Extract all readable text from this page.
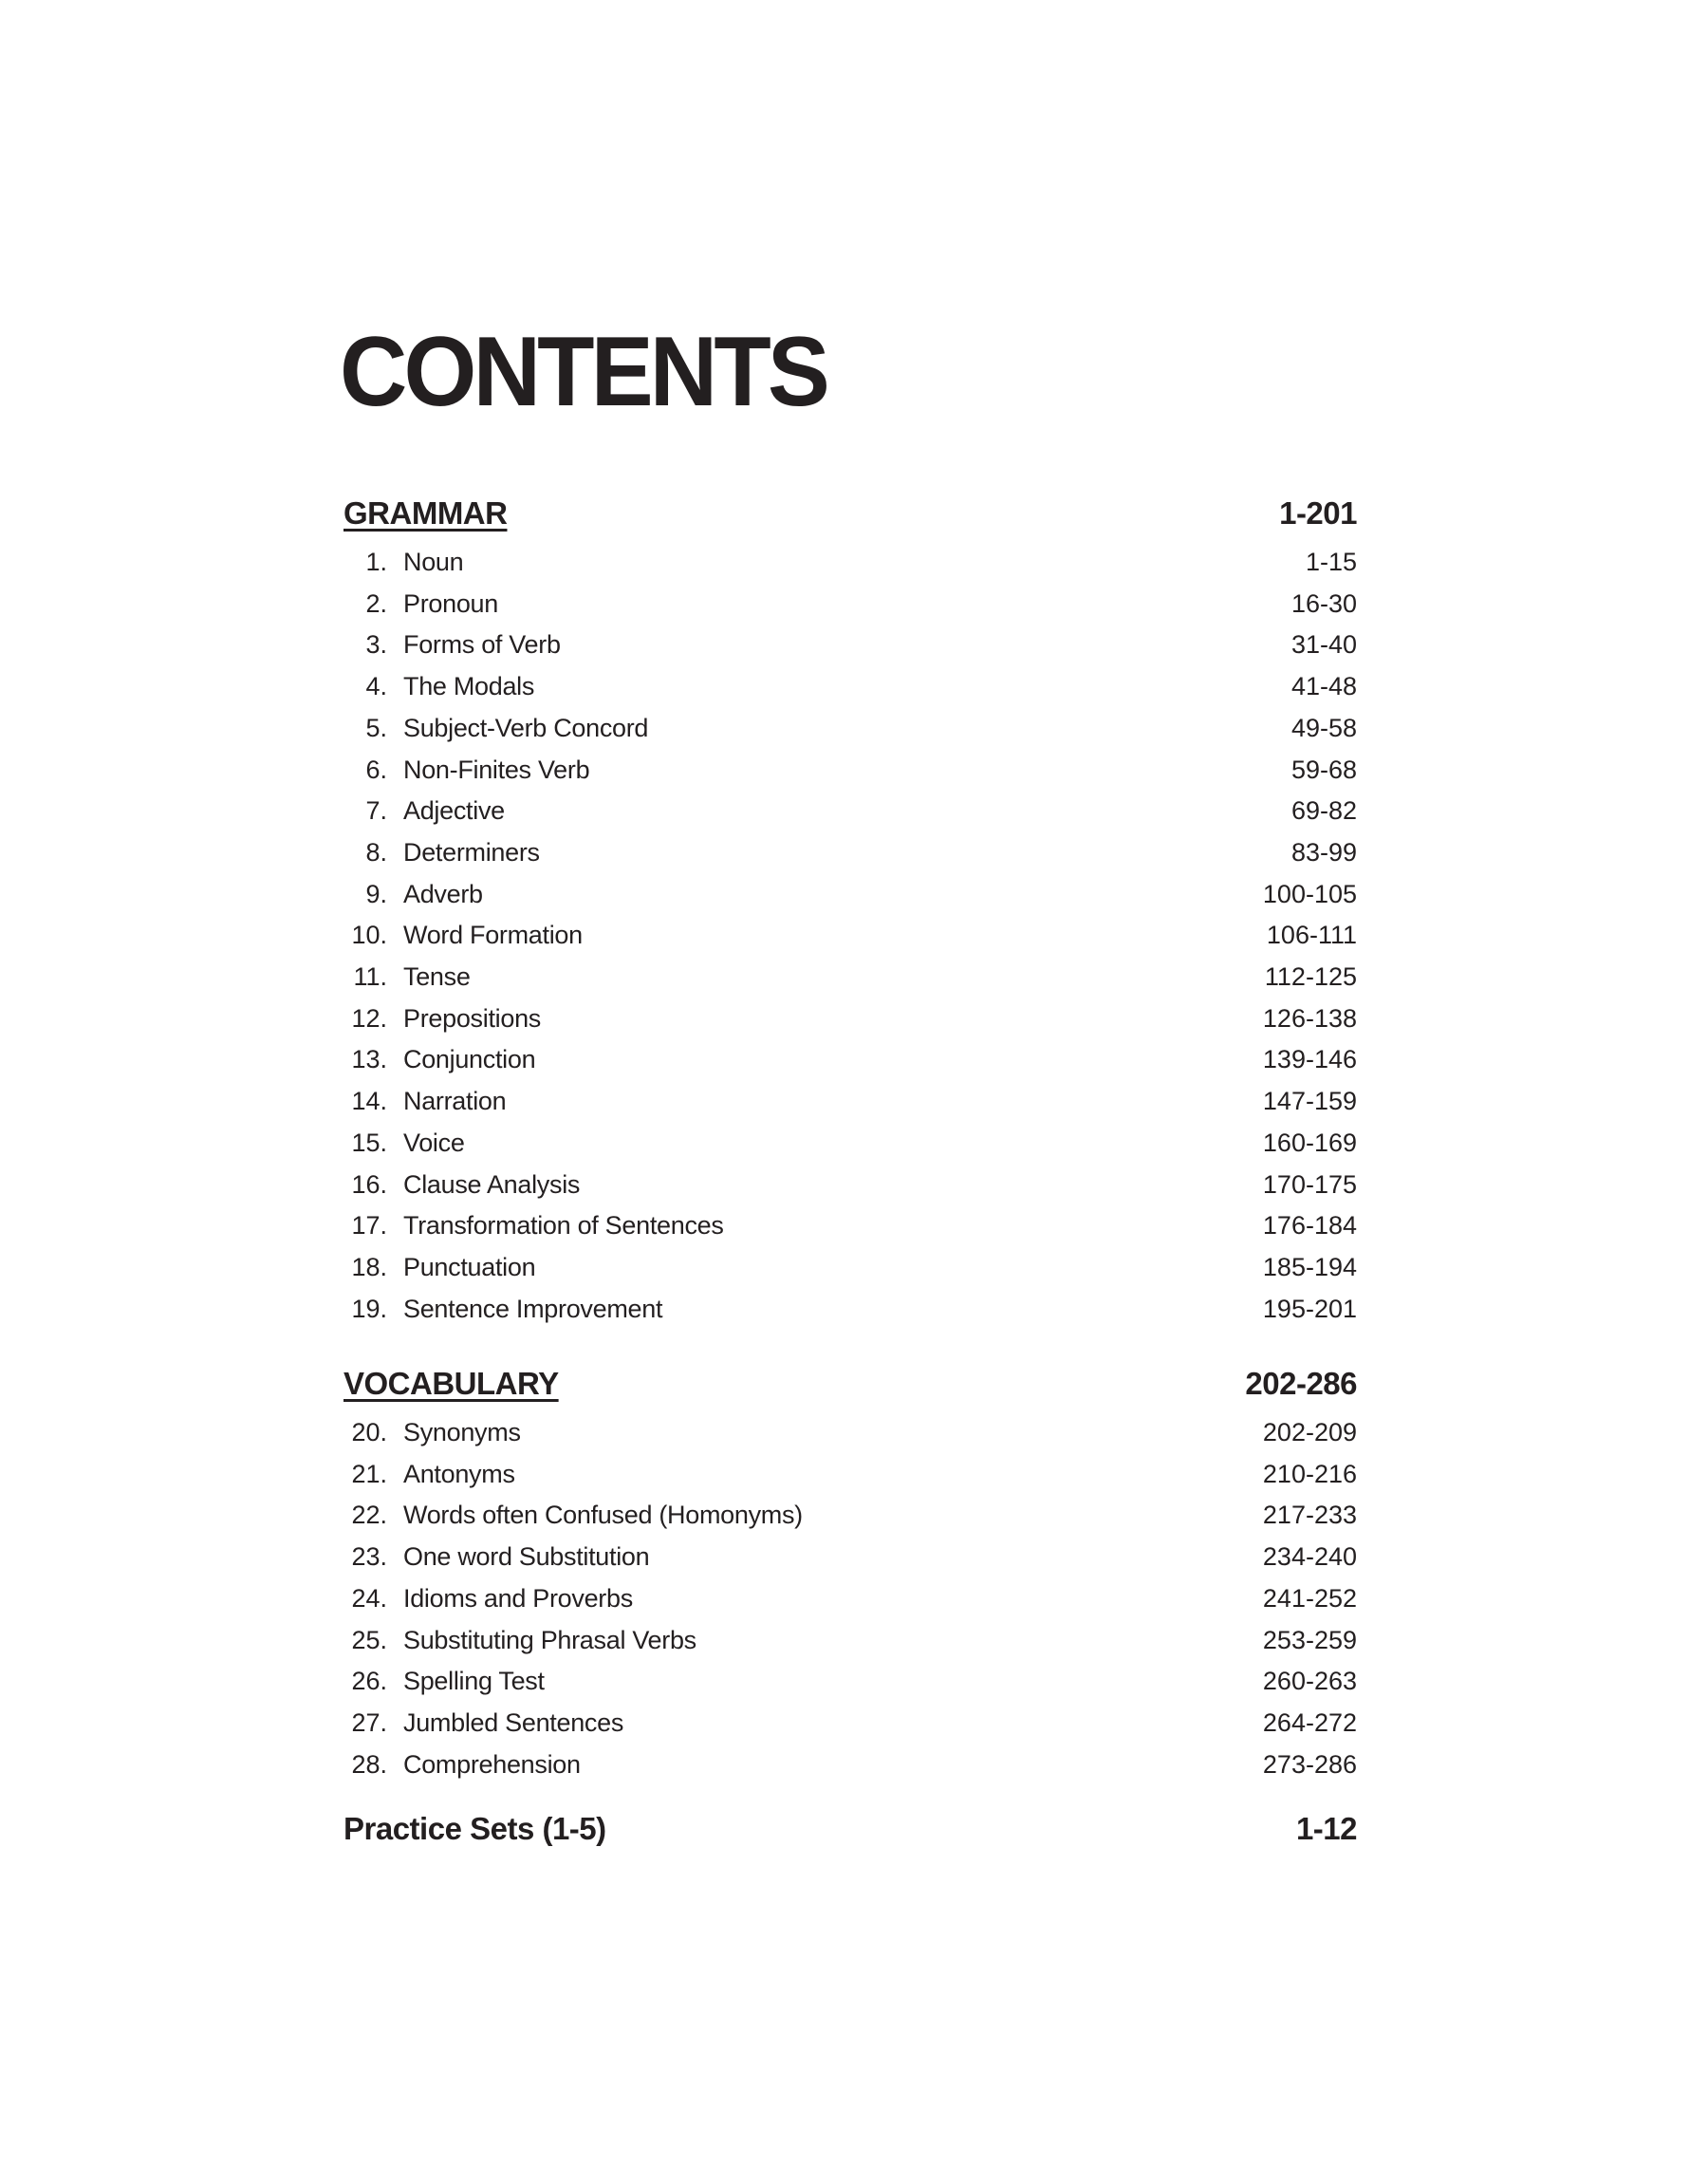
CONTENTS
GRAMMAR	1-201
1. Noun	1-15
2. Pronoun	16-30
3. Forms of Verb	31-40
4. The Modals	41-48
5. Subject-Verb Concord	49-58
6. Non-Finites Verb	59-68
7. Adjective	69-82
8. Determiners	83-99
9. Adverb	100-105
10. Word Formation	106-111
11. Tense	112-125
12. Prepositions	126-138
13. Conjunction	139-146
14. Narration	147-159
15. Voice	160-169
16. Clause Analysis	170-175
17. Transformation of Sentences	176-184
18. Punctuation	185-194
19. Sentence Improvement	195-201
VOCABULARY	202-286
20. Synonyms	202-209
21. Antonyms	210-216
22. Words often Confused (Homonyms)	217-233
23. One word Substitution	234-240
24. Idioms and Proverbs	241-252
25. Substituting Phrasal Verbs	253-259
26. Spelling Test	260-263
27. Jumbled Sentences	264-272
28. Comprehension	273-286
Practice Sets (1-5)	1-12
